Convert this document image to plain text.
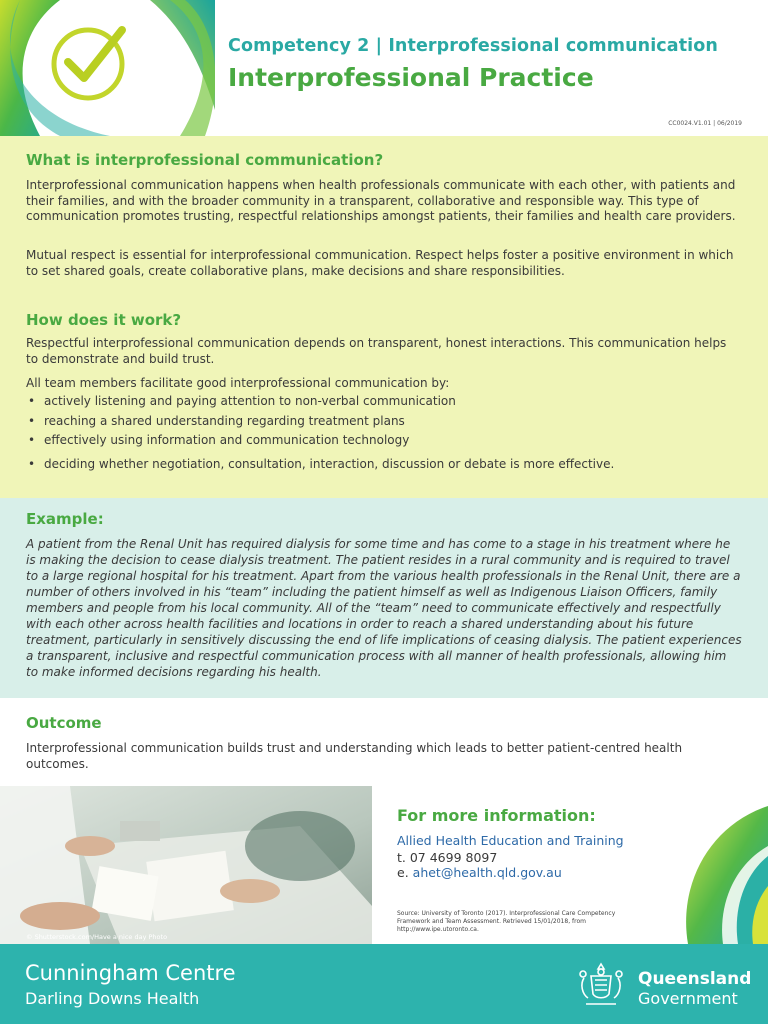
Competency 2 | Interprofessional communication
Interprofessional Practice
CC0024.V1.01 | 06/2019
What is interprofessional communication?

Interprofessional communication happens when health professionals communicate with each other, with patients and their families, and with the broader community in a transparent, collaborative and responsible way. This type of communication promotes trusting, respectful relationships amongst patients, their families and health care providers.

Mutual respect is essential for interprofessional communication. Respect helps foster a positive environment in which to set shared goals, create collaborative plans, make decisions and share responsibilities.

How does it work?

Respectful interprofessional communication depends on transparent, honest interactions. This communication helps to demonstrate and build trust.

All team members facilitate good interprofessional communication by:

• actively listening and paying attention to non-verbal communication
• reaching a shared understanding regarding treatment plans
• effectively using information and communication technology
• deciding whether negotiation, consultation, interaction, discussion or debate is more effective.
Example:

A patient from the Renal Unit has required dialysis for some time and has come to a stage in his treatment where he is making the decision to cease dialysis treatment. The patient resides in a rural community and is required to travel to a large regional hospital for his treatment. Apart from the various health professionals in the Renal Unit, there are a number of others involved in his “team” including the patient himself as well as Indigenous Liaison Officers, family members and people from his local community. All of the “team” need to communicate effectively and respectfully with each other across health facilities and locations in order to reach a shared understanding about his future treatment, particularly in sensitively discussing the end of life implications of ceasing dialysis. The patient experiences a transparent, inclusive and respectful communication process with all manner of health professionals, allowing him to make informed decisions regarding his health.

Outcome

Interprofessional communication builds trust and understanding which leads to better patient-centred health outcomes.

© Shutterstock.com/Have a nice day Photo
For more information:
Allied Health Education and Training
t. 07 4699 8097
e. ahet@health.qld.gov.au
Source: University of Toronto (2017). Interprofessional Care Competency Framework and Team Assessment. Retrieved 15/01/2018, from http://www.ipe.utoronto.ca.
Cunningham Centre
Darling Downs Health
Queensland
Government
